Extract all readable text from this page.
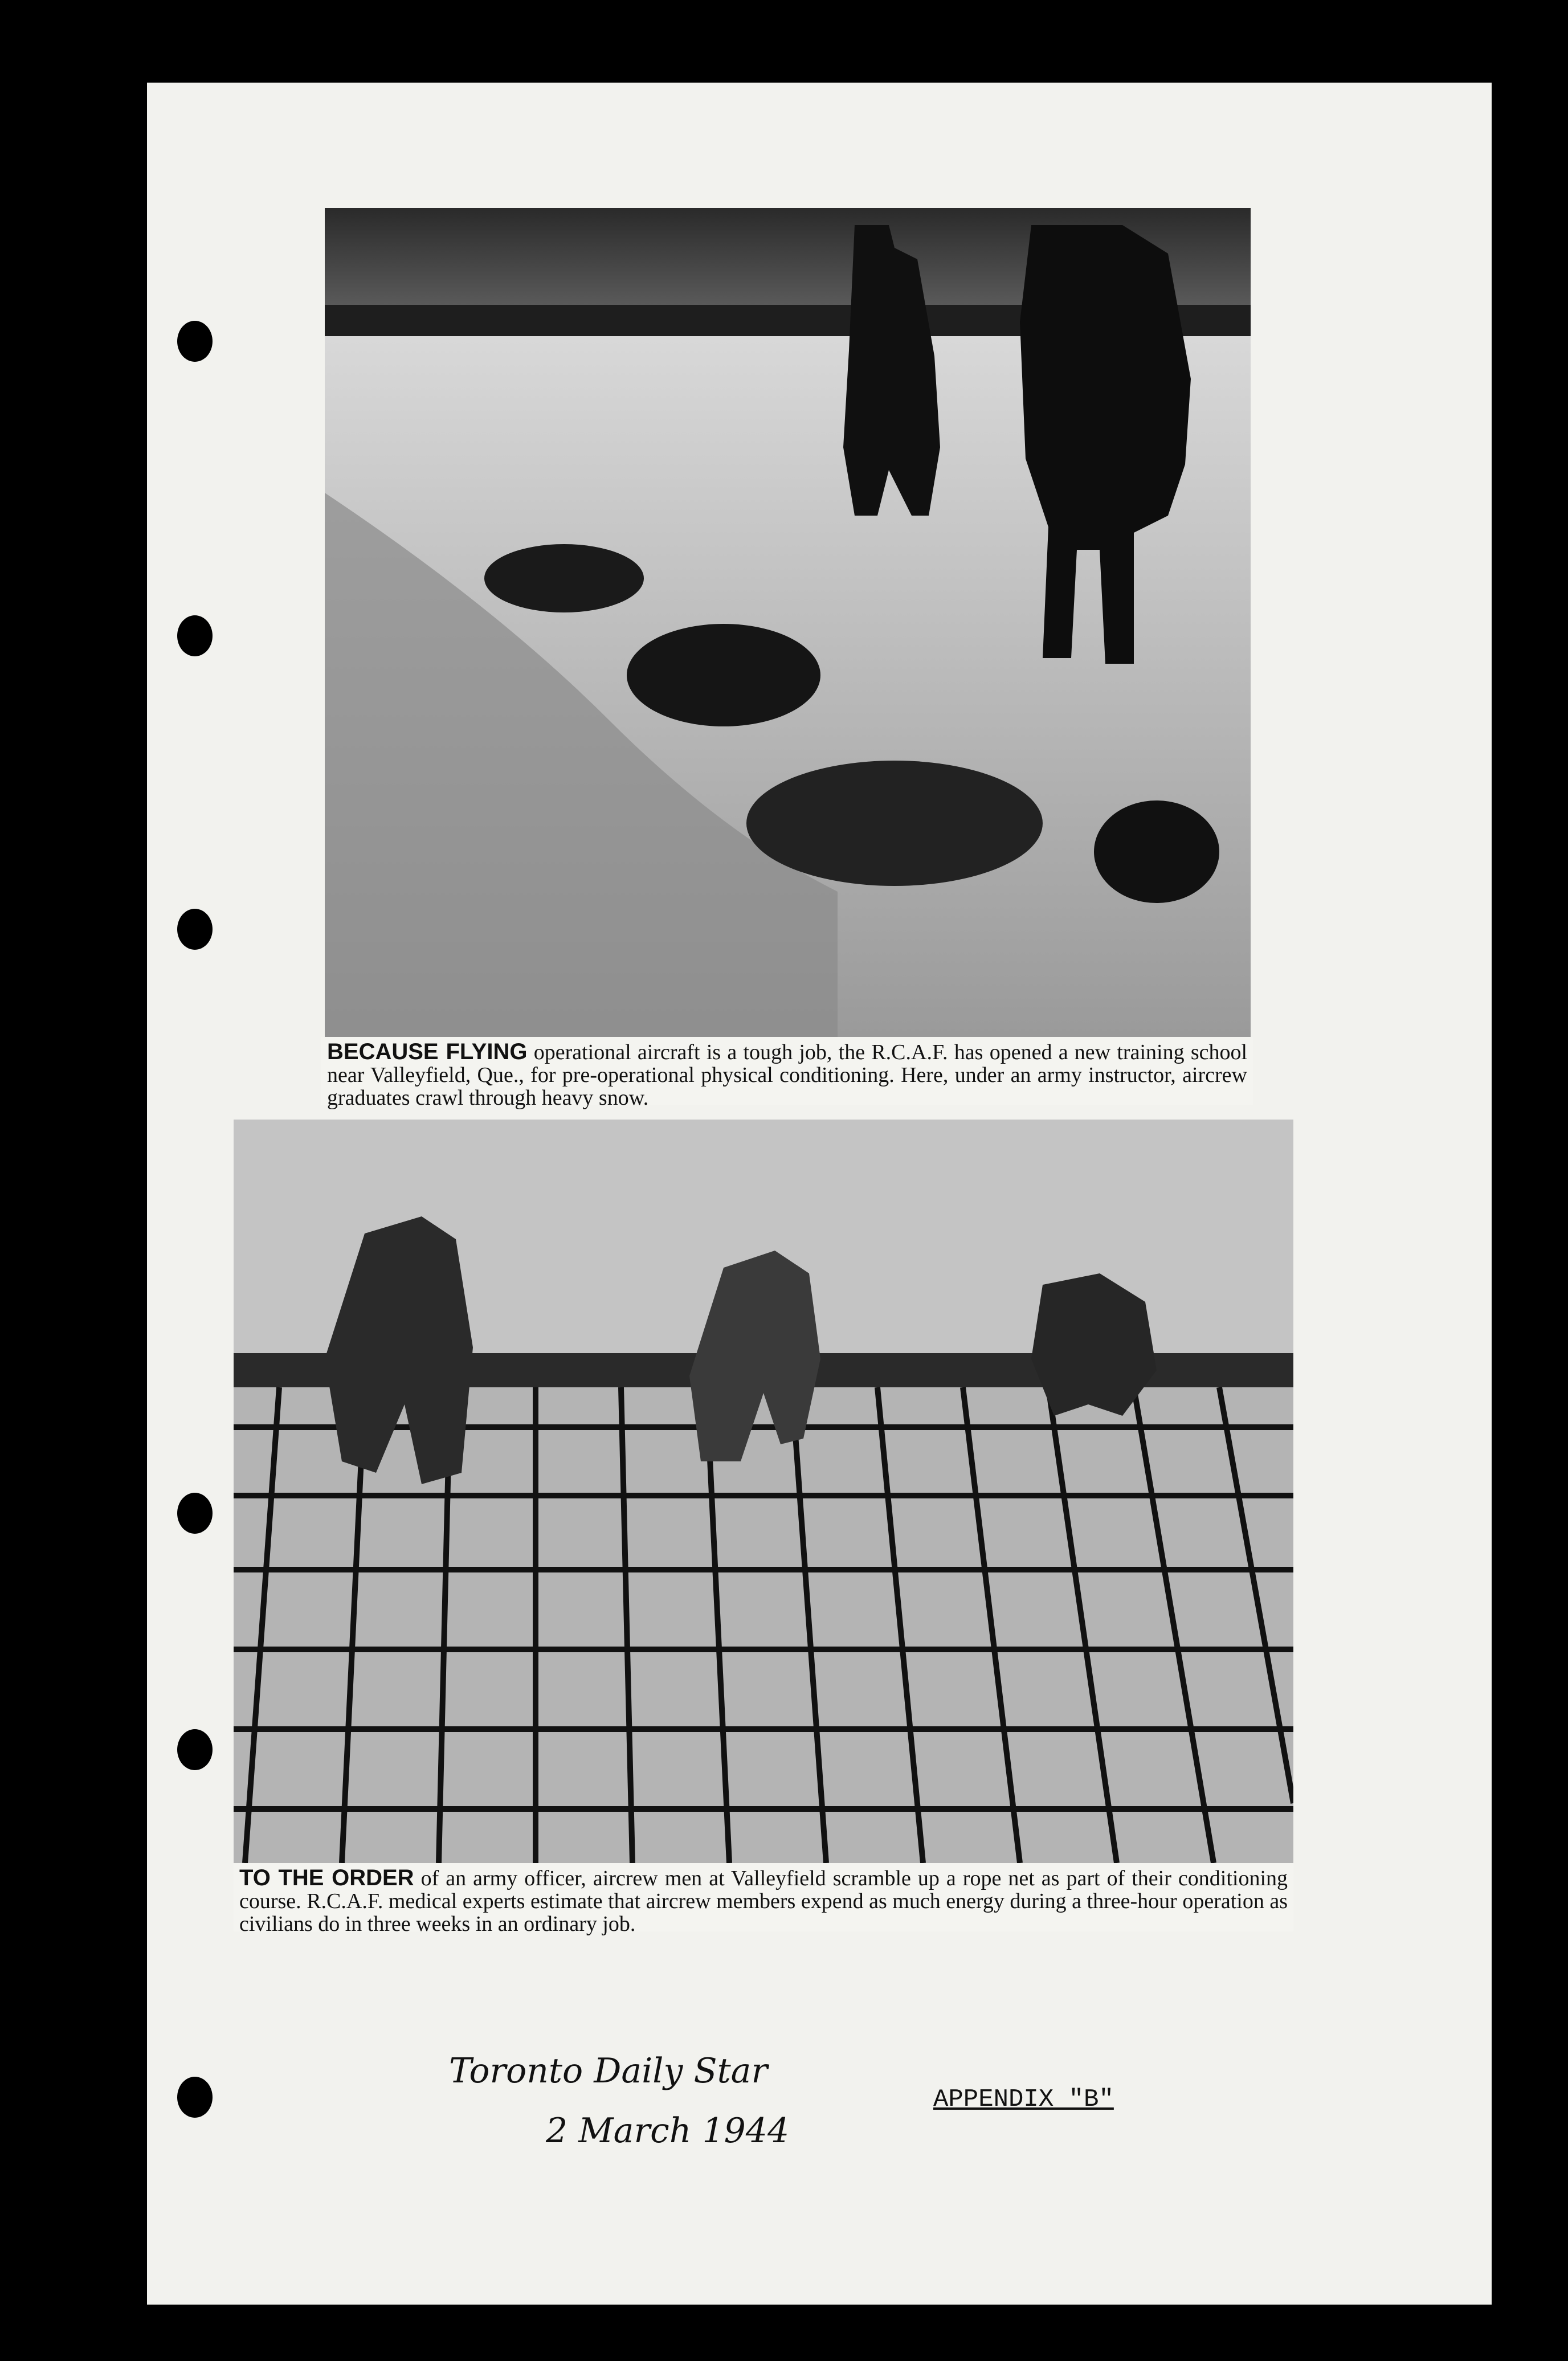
BECAUSE FLYING operational aircraft is a tough job, the R.C.A.F. has opened a new training school near Valleyfield, Que., for pre-operational physical conditioning. Here, under an army instructor, aircrew graduates crawl through heavy snow.
TO THE ORDER of an army officer, aircrew men at Valleyfield scramble up a rope net as part of their conditioning course. R.C.A.F. medical experts estimate that aircrew members expend as much energy during a three-hour operation as civilians do in three weeks in an ordinary job.
Toronto Daily Star
2 March 1944
APPENDIX "B"
